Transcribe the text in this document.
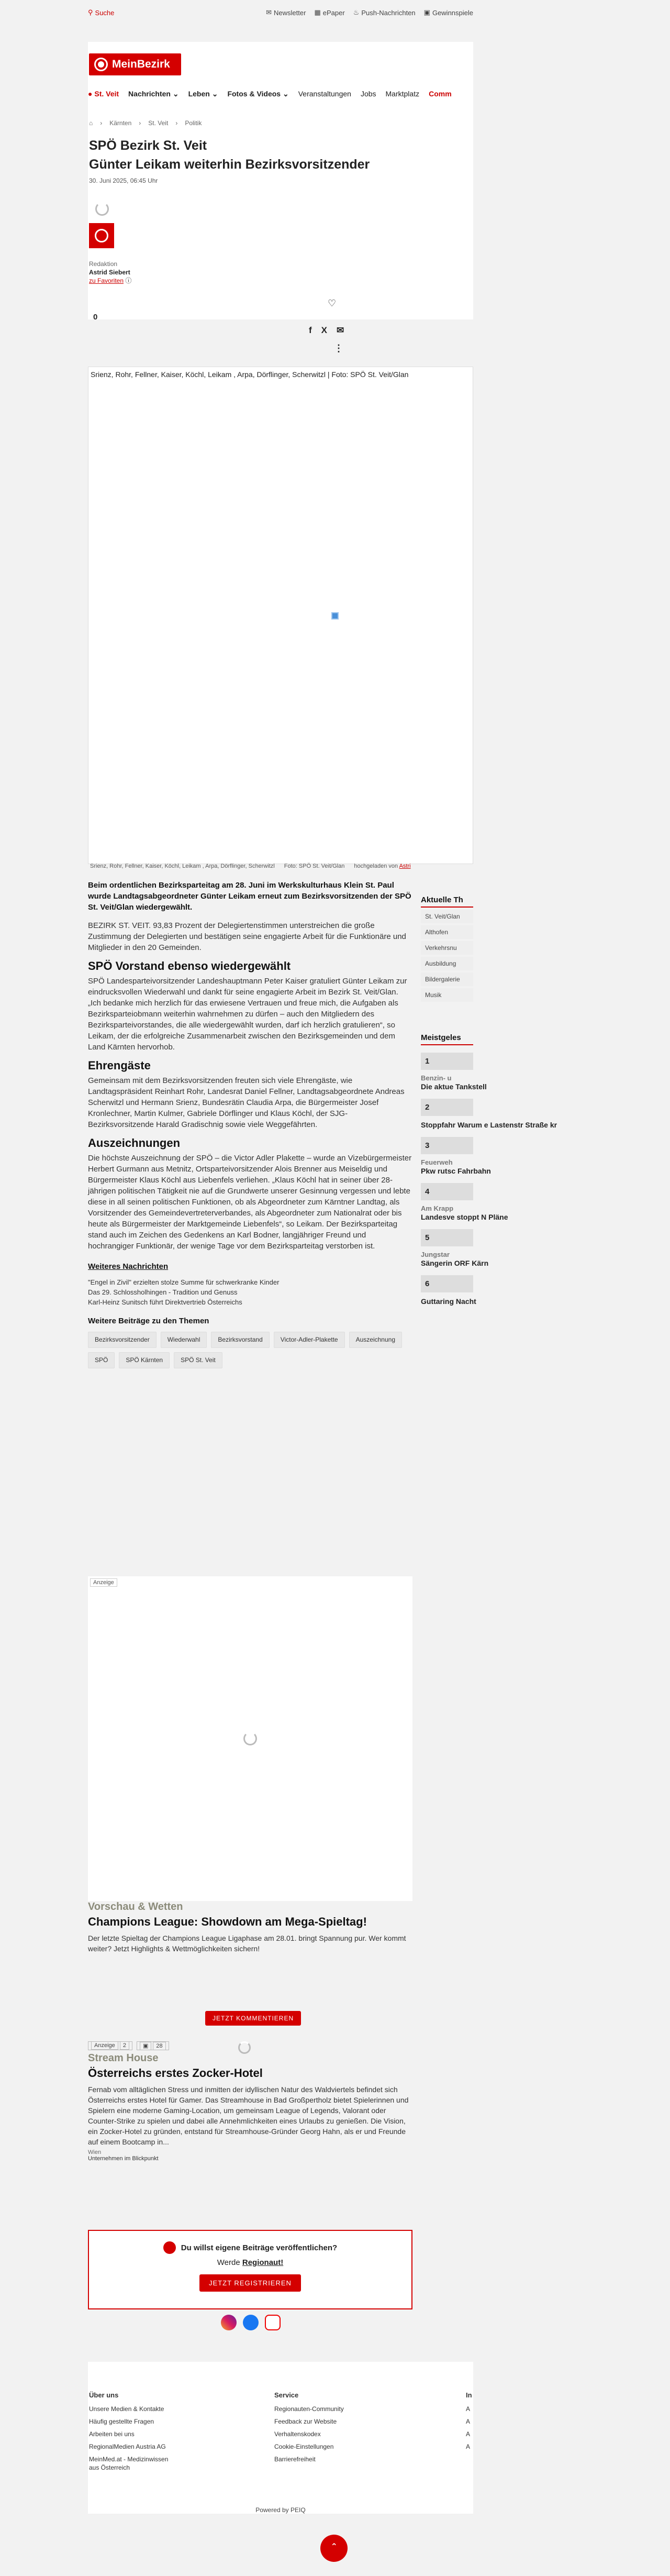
⚲ Suche	✉ Newsletter ▦ ePaper ♨ Push-Nachrichten ▣ Gewinnspiele
MeinBezirk
● St. Veit Nachrichten ⌄ Leben ⌄ Fotos & Videos ⌄ Veranstaltungen Jobs Marktplatz Comm
⌂ › Kärnten › St. Veit › Politik
SPÖ Bezirk St. Veit
Günter Leikam weiterhin Bezirksvorsitzender
30. Juni 2025, 06:45 Uhr
Redaktion
Astrid Siebert
zu Favoriten ⓘ
♡
0
f X ✉
⋮
Srienz, Rohr, Fellner, Kaiser, Köchl, Leikam , Arpa, Dörflinger, Scherwitzl | Foto: SPÖ St. Veit/Glan
Srienz, Rohr, Fellner, Kaiser, Köchl, Leikam , Arpa, Dörflinger, Scherwitzl Foto: SPÖ St. Veit/Glan hochgeladen von Astri

Beim ordentlichen Bezirksparteitag am 28. Juni im Werkskulturhaus Klein St. Paul wurde Landtagsabgeordneter Günter Leikam erneut zum Bezirksvorsitzenden der SPÖ St. Veit/Glan wiedergewählt.

BEZIRK ST. VEIT. 93,83 Prozent der Delegiertenstimmen unterstreichen die große Zustimmung der Delegierten und bestätigen seine engagierte Arbeit für die Funktionäre und Mitglieder in den 20 Gemeinden.

SPÖ Vorstand ebenso wiedergewählt

SPÖ Landesparteivorsitzender Landeshauptmann Peter Kaiser gratuliert Günter Leikam zur eindrucksvollen Wiederwahl und dankt für seine engagierte Arbeit im Bezirk St. Veit/Glan. „Ich bedanke mich herzlich für das erwiesene Vertrauen und freue mich, die Aufgaben als Bezirksparteiobmann weiterhin wahrnehmen zu dürfen – auch den Mitgliedern des Bezirksparteivorstandes, die alle wiedergewählt wurden, darf ich herzlich gratulieren“, so Leikam, der die erfolgreiche Zusammenarbeit zwischen den Bezirksgemeinden und dem Land Kärnten hervorhob.

Ehrengäste

Gemeinsam mit dem Bezirksvorsitzenden freuten sich viele Ehrengäste, wie Landtagspräsident Reinhart Rohr, Landesrat Daniel Fellner, Landtagsabgeordnete Andreas Scherwitzl und Hermann Srienz, Bundesrätin Claudia Arpa, die Bürgermeister Josef Kronlechner, Martin Kulmer, Gabriele Dörflinger und Klaus Köchl, der SJG-Bezirksvorsitzende Harald Gradischnig sowie viele Weggefährten.

Auszeichnungen

Die höchste Auszeichnung der SPÖ – die Victor Adler Plakette – wurde an Vizebürgermeister Herbert Gurmann aus Metnitz, Ortsparteivorsitzender Alois Brenner aus Meiseldig und Bürgermeister Klaus Köchl aus Liebenfels verliehen. „Klaus Köchl hat in seiner über 28-jährigen politischen Tätigkeit nie auf die Grundwerte unserer Gesinnung vergessen und lebte diese in all seinen politischen Funktionen, ob als Abgeordneter zum Kärntner Landtag, als Vorsitzender des Gemeindevertreterverbandes, als Abgeordneter zum Nationalrat oder bis heute als Bürgermeister der Marktgemeinde Liebenfels“, so Leikam. Der Bezirksparteitag stand auch im Zeichen des Gedenkens an Karl Bodner, langjähriger Freund und hochrangiger Funktionär, der wenige Tage vor dem Bezirksparteitag verstorben ist.

Weiteres Nachrichten
"Engel in Zivil" erzielten stolze Summe für schwerkranke Kinder
Das 29. Schlossholhingen - Tradition und Genuss
Karl-Heinz Sunitsch führt Direktvertrieb Österreichs
Weitere Beiträge zu den Themen
Bezirksvorsitzender	Wiederwahl	Bezirksvorstand	Victor-Adler-Plakette	Auszeichnung
SPÖ	SPÖ Kärnten	SPÖ St. Veit
Aktuelle Th
St. Veit/Glan
Althofen
Verkehrsnu
Ausbildung
Bildergalerie
Musik
Meistgeles
1
Benzin- u
Die aktue Tankstell
2
Stoppfahr Warum e Lastenstr Straße kr
3
Feuerweh
Pkw rutsc Fahrbahn
4
Am Krapp
Landesve stoppt N Pläne
5
Jungstar
Sängerin ORF Kärn
6
Guttaring Nacht
Anzeige
Vorschau & Wetten
Champions League: Showdown am Mega-Spieltag!
Der letzte Spieltag der Champions League Ligaphase am 28.01. bringt Spannung pur. Wer kommt weiter? Jetzt Highlights & Wettmöglichkeiten sichern!
JETZT KOMMENTIEREN
Anzeige 2	▣ 28
Stream House
Österreichs erstes Zocker-Hotel
Fernab vom alltäglichen Stress und inmitten der idyllischen Natur des Waldviertels befindet sich Österreichs erstes Hotel für Gamer. Das Streamhouse in Bad Großpertholz bietet Spielerinnen und Spielern eine moderne Gaming-Location, um gemeinsam League of Legends, Valorant oder Counter-Strike zu spielen und dabei alle Annehmlichkeiten eines Urlaubs zu genießen. Die Vision, ein Zocker-Hotel zu gründen, entstand für Streamhouse-Gründer Georg Hahn, als er und Freunde auf einem Bootcamp in...
Wien
Unternehmen im Blickpunkt
Du willst eigene Beiträge veröffentlichen?
Werde Regionaut!
JETZT REGISTRIEREN
Über uns
Unsere Medien & Kontakte
Häufig gestellte Fragen
Arbeiten bei uns
RegionalMedien Austria AG
MeinMed.at - Medizinwissen
aus Österreich
Service
Regionauten-Community
Feedback zur Website
Verhaltenskodex
Cookie-Einstellungen
Barrierefreiheit
In
A
A
A
A
Powered by PEIQ
ˆ
